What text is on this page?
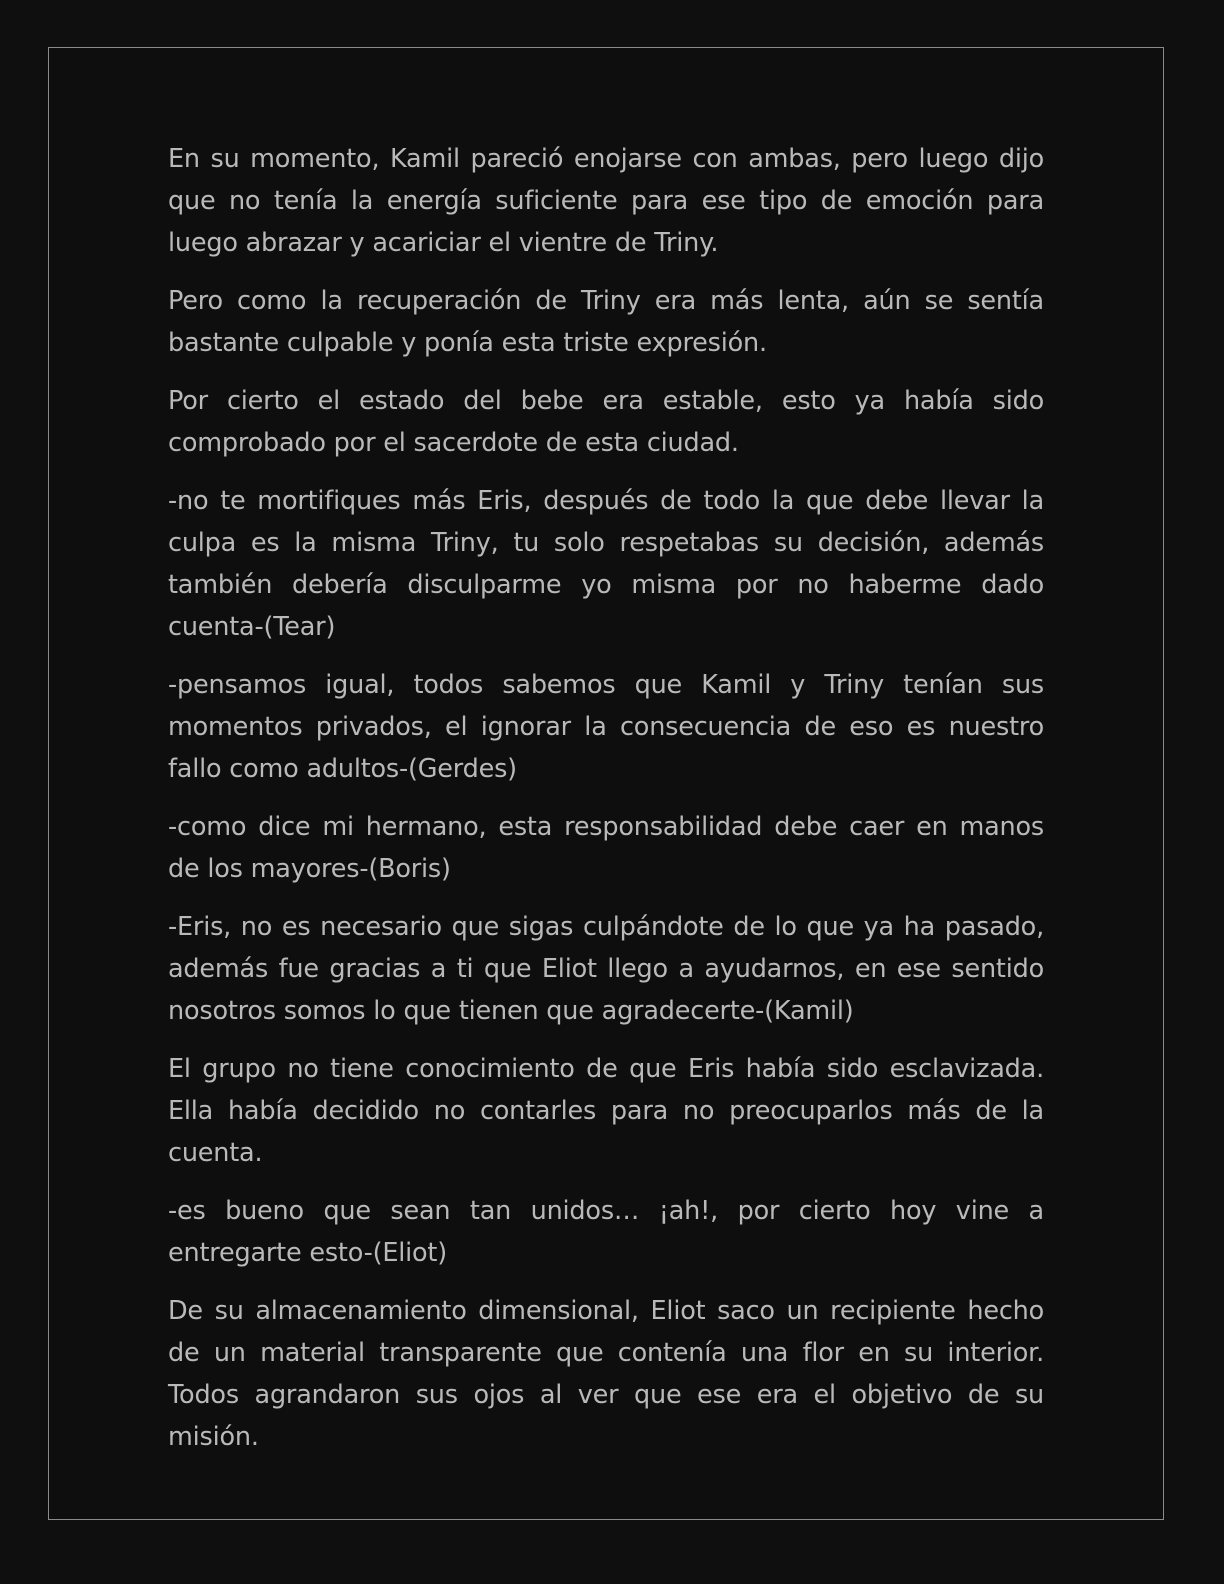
En su momento, Kamil pareció enojarse con ambas, pero luego dijo que no tenía la energía suficiente para ese tipo de emoción para luego abrazar y acariciar el vientre de Triny.

Pero como la recuperación de Triny era más lenta, aún se sentía bastante culpable y ponía esta triste expresión.

Por cierto el estado del bebe era estable, esto ya había sido comprobado por el sacerdote de esta ciudad.

-no te mortifiques más Eris, después de todo la que debe llevar la culpa es la misma Triny, tu solo respetabas su decisión, además también debería disculparme yo misma por no haberme dado cuenta-(Tear)

-pensamos igual, todos sabemos que Kamil y Triny tenían sus momentos privados, el ignorar la consecuencia de eso es nuestro fallo como adultos-(Gerdes)

-como dice mi hermano, esta responsabilidad debe caer en manos de los mayores-(Boris)

-Eris, no es necesario que sigas culpándote de lo que ya ha pasado, además fue gracias a ti que Eliot llego a ayudarnos, en ese sentido nosotros somos lo que tienen que agradecerte-(Kamil)

El grupo no tiene conocimiento de que Eris había sido esclavizada. Ella había decidido no contarles para no preocuparlos más de la cuenta.

-es bueno que sean tan unidos… ¡ah!, por cierto hoy vine a entregarte esto-(Eliot)

De su almacenamiento dimensional, Eliot saco un recipiente hecho de un material transparente que contenía una flor en su interior. Todos agrandaron sus ojos al ver que ese era el objetivo de su misión.
